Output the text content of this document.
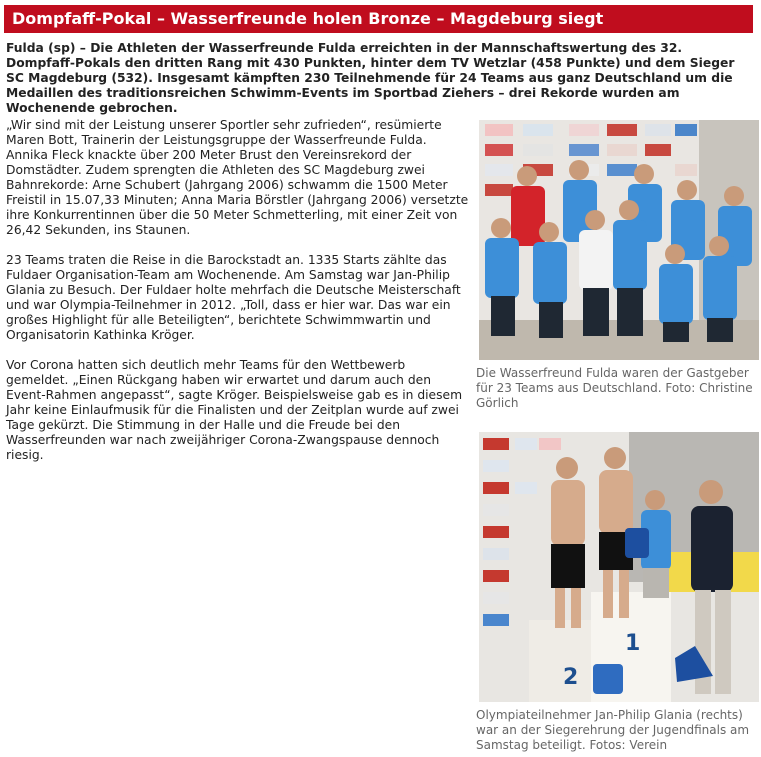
Dompfaff-Pokal – Wasserfreunde holen Bronze – Magdeburg siegt

Fulda (sp) – Die Athleten der Wasserfreunde Fulda erreichten in der Mannschaftswertung des 32. Dompfaff-Pokals den dritten Rang mit 430 Punkten, hinter dem TV Wetzlar (458 Punkte) und dem Sieger SC Magdeburg (532). Insgesamt kämpften 230 Teilnehmende für 24 Teams aus ganz Deutschland um die Medaillen des traditionsreichen Schwimm-Events im Sportbad Ziehers – drei Rekorde wurden am Wochenende gebrochen.

„Wir sind mit der Leistung unserer Sportler sehr zufrieden“, resümierte Maren Bott, Trainerin der Leistungsgruppe der Wasserfreunde Fulda. Annika Fleck knackte über 200 Meter Brust den Vereinsrekord der Domstädter. Zudem sprengten die Athleten des SC Magdeburg zwei Bahnrekorde: Arne Schubert (Jahrgang 2006) schwamm die 1500 Meter Freistil in 15.07,33 Minuten; Anna Maria Börstler (Jahrgang 2006) versetzte ihre Konkurrentinnen über die 50 Meter Schmetterling, mit einer Zeit von 26,42 Sekunden, ins Staunen.

23 Teams traten die Reise in die Barockstadt an. 1335 Starts zählte das Fuldaer Organisation-Team am Wochenende. Am Samstag war Jan-Philip Glania zu Besuch. Der Fuldaer holte mehrfach die Deutsche Meisterschaft und war Olympia-Teilnehmer in 2012. „Toll, dass er hier war. Das war ein großes Highlight für alle Beteiligten“, berichtete Schwimmwartin und Organisatorin Kathinka Kröger.

Vor Corona hatten sich deutlich mehr Teams für den Wettbewerb gemeldet. „Einen Rückgang haben wir erwartet und darum auch den Event-Rahmen angepasst“, sagte Kröger. Beispielsweise gab es in diesem Jahr keine Einlaufmusik für die Finalisten und der Zeitplan wurde auf zwei Tage gekürzt. Die Stimmung in der Halle und die Freude bei den Wasserfreunden war nach zweijähriger Corona-Zwangspause dennoch riesig.

Die Wasserfreund Fulda waren der Gastgeber für 23 Teams aus Deutschland. Foto: Christine Görlich
1
2
Olympiateilnehmer Jan-Philip Glania (rechts) war an der Siegerehrung der Jugendfinals am Samstag beteiligt. Fotos: Verein
